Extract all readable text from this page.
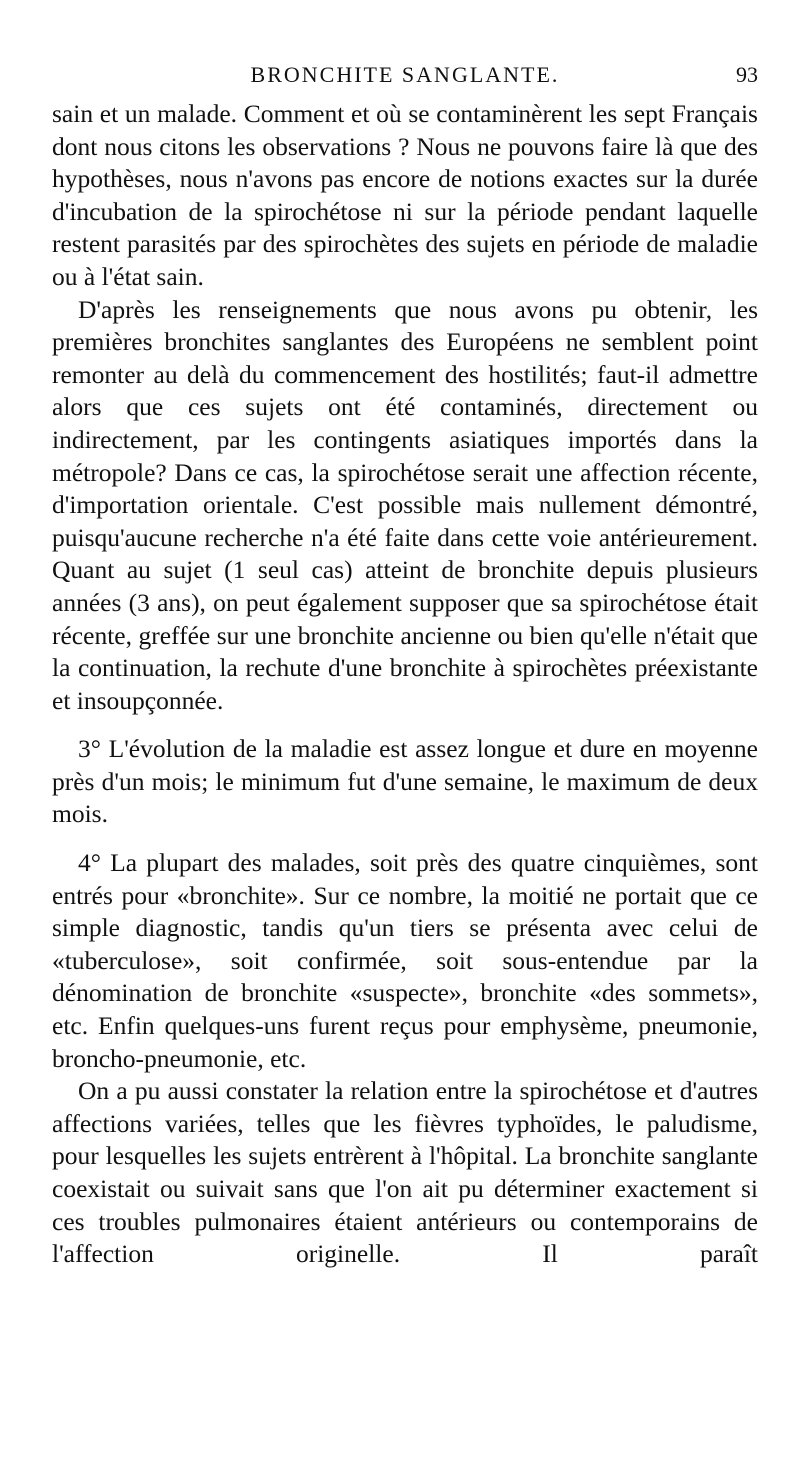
BRONCHITE SANGLANTE.	93

sain et un malade. Comment et où se contaminèrent les sept Français dont nous citons les observations ? Nous ne pouvons faire là que des hypothèses, nous n'avons pas encore de notions exactes sur la durée d'incubation de la spirochétose ni sur la période pendant laquelle restent parasités par des spirochètes des sujets en période de maladie ou à l'état sain.

D'après les renseignements que nous avons pu obtenir, les premières bronchites sanglantes des Européens ne semblent point remonter au delà du commencement des hostilités; faut-il admettre alors que ces sujets ont été contaminés, directement ou indirectement, par les contingents asiatiques importés dans la métropole? Dans ce cas, la spirochétose serait une affection récente, d'importation orientale. C'est possible mais nullement démontré, puisqu'aucune recherche n'a été faite dans cette voie antérieurement. Quant au sujet (1 seul cas) atteint de bronchite depuis plusieurs années (3 ans), on peut également supposer que sa spirochétose était récente, greffée sur une bronchite ancienne ou bien qu'elle n'était que la continuation, la rechute d'une bronchite à spirochètes préexistante et insoupçonnée.

3° L'évolution de la maladie est assez longue et dure en moyenne près d'un mois; le minimum fut d'une semaine, le maximum de deux mois.

4° La plupart des malades, soit près des quatre cinquièmes, sont entrés pour «bronchite». Sur ce nombre, la moitié ne portait que ce simple diagnostic, tandis qu'un tiers se présenta avec celui de «tuberculose», soit confirmée, soit sous-entendue par la dénomination de bronchite «suspecte», bronchite «des sommets», etc. Enfin quelques-uns furent reçus pour emphysème, pneumonie, broncho-pneumonie, etc.

On a pu aussi constater la relation entre la spirochétose et d'autres affections variées, telles que les fièvres typhoïdes, le paludisme, pour lesquelles les sujets entrèrent à l'hôpital. La bronchite sanglante coexistait ou suivait sans que l'on ait pu déterminer exactement si ces troubles pulmonaires étaient antérieurs ou contemporains de l'affection originelle. Il paraît
